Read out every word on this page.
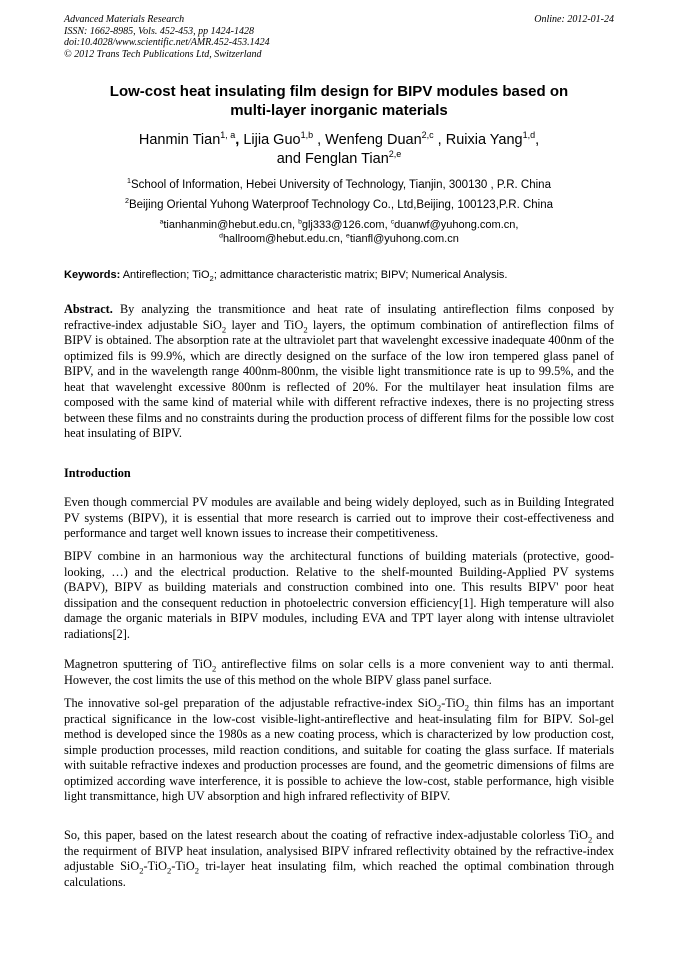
Advanced Materials Research
ISSN: 1662-8985, Vols. 452-453, pp 1424-1428
doi:10.4028/www.scientific.net/AMR.452-453.1424
© 2012 Trans Tech Publications Ltd, Switzerland
Online: 2012-01-24
Low-cost heat insulating film design for BIPV modules based on
multi-layer inorganic materials
Hanmin Tian$^{1, a}$, Lijia Guo$^{1,b}$ , Wenfeng Duan$^{2,c}$ , Ruixia Yang$^{1,d}$,
and Fenglan Tian$^{2,e}$
$^1$School of Information, Hebei University of Technology, Tianjin, 300130 , P.R. China
$^2$Beijing Oriental Yuhong Waterproof Technology Co., Ltd,Beijing, 100123,P.R. China
$^a$tianhanmin@hebut.edu.cn, $^b$glj333@126.com, $^c$duanwf@yuhong.com.cn,
$^d$hallroom@hebut.edu.cn, $^e$tianfl@yuhong.com.cn
Keywords: Antireflection; TiO$_2$; admittance characteristic matrix; BIPV; Numerical Analysis.
Abstract. By analyzing the transmitionce and heat rate of insulating antireflection films conposed by refractive-index adjustable SiO$_2$ layer and TiO$_2$ layers, the optimum combination of antireflection films of BIPV is obtained. The absorption rate at the ultraviolet part that wavelenght excessive inadequate 400nm of the optimized fils is 99.9%, which are directly designed on the surface of the low iron tempered glass panel of BIPV, and in the wavelength range 400nm-800nm, the visible light transmitionce rate is up to 99.5%, and the heat that wavelenght excessive 800nm is reflected of 20%. For the multilayer heat insulation films are composed with the same kind of material while with different refractive indexes, there is no projecting stress between these films and no constraints during the production process of different films for the possible low cost heat insulating of BIPV.
Introduction
Even though commercial PV modules are available and being widely deployed, such as in Building Integrated PV systems (BIPV), it is essential that more research is carried out to improve their cost-effectiveness and performance and target well known issues to increase their competitiveness.
BIPV combine in an harmonious way the architectural functions of building materials (protective, good-looking, …) and the electrical production. Relative to the shelf-mounted Building-Applied PV systems (BAPV), BIPV as building materials and construction combined into one. This results BIPV' poor heat dissipation and the consequent reduction in photoelectric conversion efficiency[1]. High temperature will also damage the organic materials in BIPV modules, including EVA and TPT layer along with intense ultraviolet radiations[2].
Magnetron sputtering of TiO$_2$ antireflective films on solar cells is a more convenient way to anti thermal. However, the cost limits the use of this method on the whole BIPV glass panel surface.
The innovative sol-gel preparation of the adjustable refractive-index SiO$_2$-TiO$_2$ thin films has an important practical significance in the low-cost visible-light-antireflective and heat-insulating film for BIPV. Sol-gel method is developed since the 1980s as a new coating process, which is characterized by low production cost, simple production processes, mild reaction conditions, and suitable for coating the glass surface. If materials with suitable refractive indexes and production processes are found, and the geometric dimensions of films are optimized according wave interference, it is possible to achieve the low-cost, stable performance, high visible light transmittance, high UV absorption and high infrared reflectivity of BIPV.
So, this paper, based on the latest research about the coating of refractive index-adjustable colorless TiO$_2$ and the requirment of BIVP heat insulation, analysised BIPV infrared reflectivity obtained by the refractive-index adjustable SiO$_2$-TiO$_2$-TiO$_2$ tri-layer heat insulating film, which reached the optimal combination through calculations.
